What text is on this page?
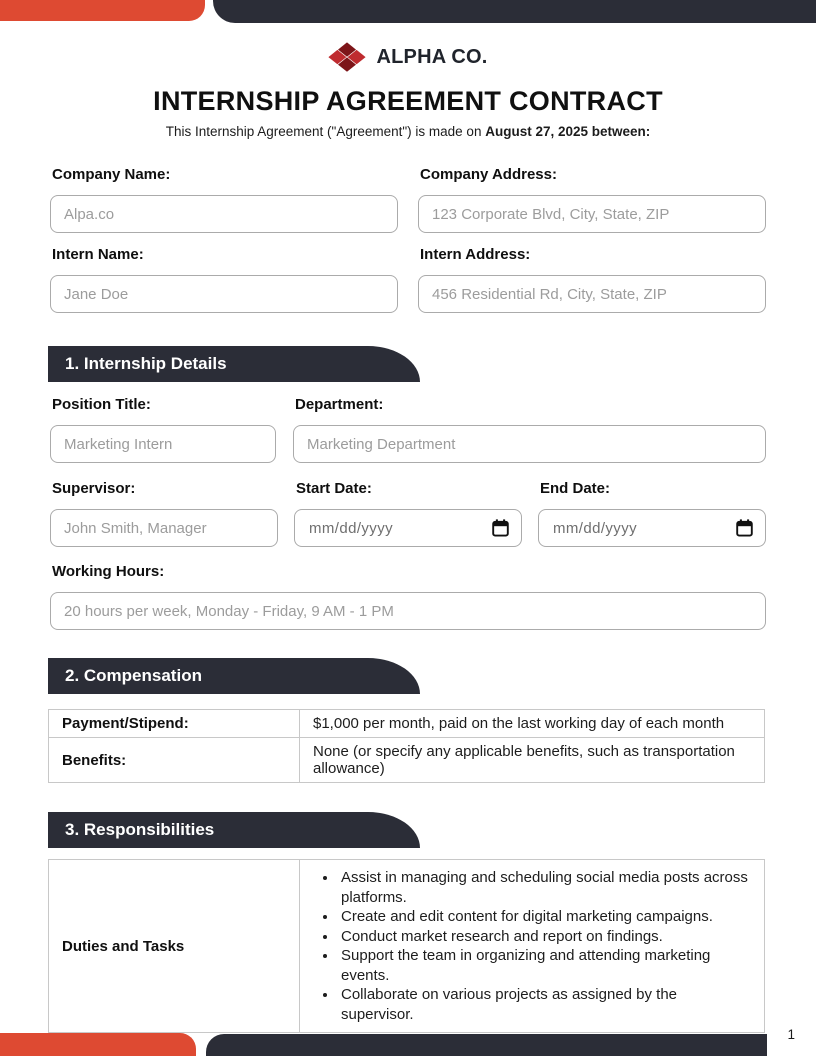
ALPHA CO.
INTERNSHIP AGREEMENT CONTRACT
This Internship Agreement ("Agreement") is made on August 27, 2025 between:
Company Name:
Alpa.co	Company Address:
123 Corporate Blvd, City, State, ZIP
Intern Name:
Jane Doe	Intern Address:
456 Residential Rd, City, State, ZIP
1. Internship Details
Position Title:
Marketing Intern	Department:
Marketing Department
Supervisor:
John Smith, Manager	Start Date:
mm/dd/yyyy
End Date:
mm/dd/yyyy
Working Hours:
20 hours per week, Monday - Friday, 9 AM - 1 PM
2. Compensation
Payment/Stipend:	$1,000 per month, paid on the last working day of each month
Benefits:	None (or specify any applicable benefits, such as transportation allowance)
3. Responsibilities
Duties and Tasks	
• Assist in managing and scheduling social media posts across platforms.
• Create and edit content for digital marketing campaigns.
• Conduct market research and report on findings.
• Support the team in organizing and attending marketing events.
• Collaborate on various projects as assigned by the supervisor.
1
